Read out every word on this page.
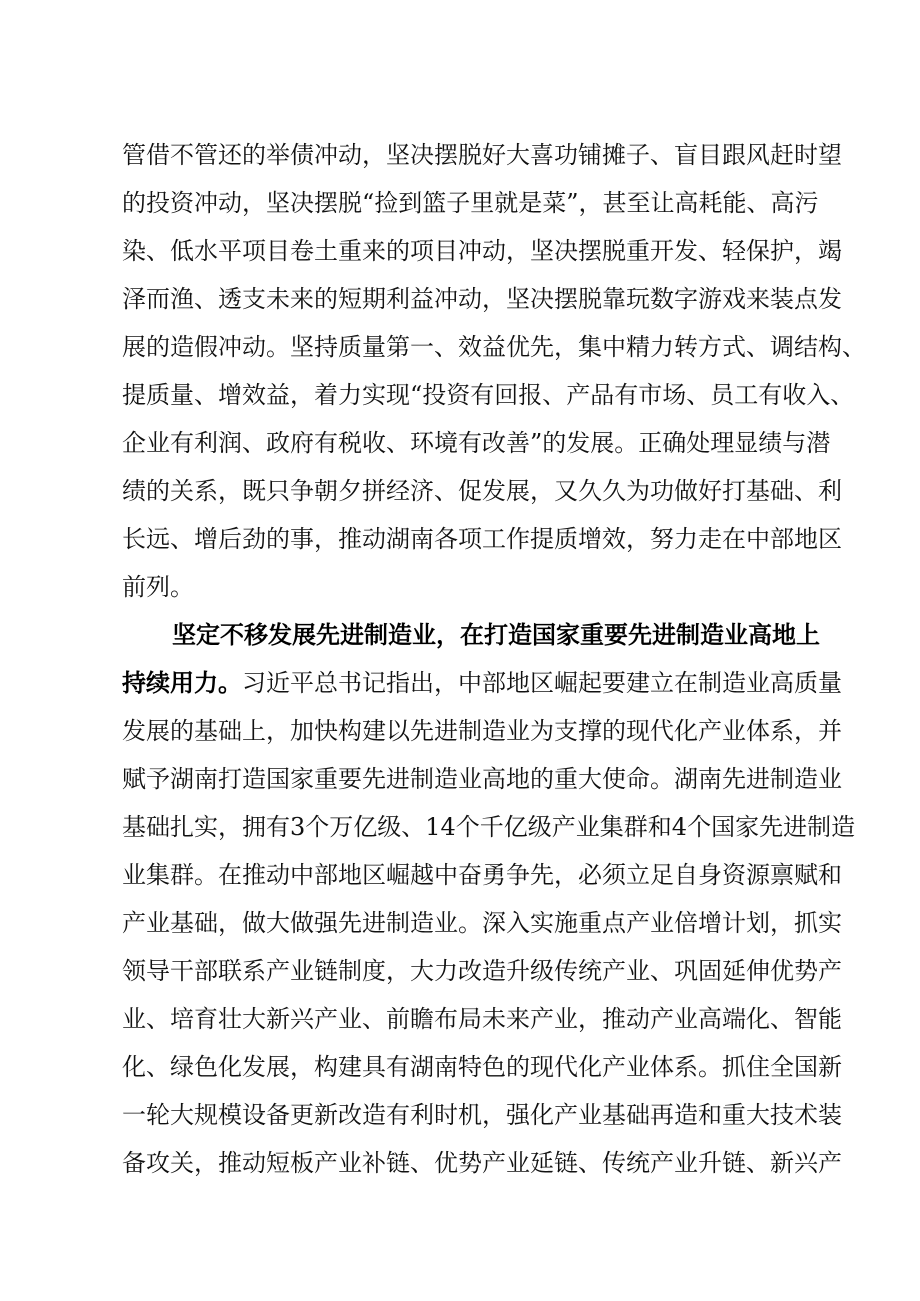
管借不管还的举债冲动，坚决摆脱好大喜功铺摊子、盲目跟风赶时望
的投资冲动，坚决摆脱“捡到篮子里就是菜”，甚至让高耗能、高污
染、低水平项目卷土重来的项目冲动，坚决摆脱重开发、轻保护，竭
泽而渔、透支未来的短期利益冲动，坚决摆脱靠玩数字游戏来装点发
展的造假冲动。坚持质量第一、效益优先，集中精力转方式、调结构、
提质量、增效益，着力实现“投资有回报、产品有市场、员工有收入、
企业有利润、政府有税收、环境有改善”的发展。正确处理显绩与潜
绩的关系，既只争朝夕拼经济、促发展，又久久为功做好打基础、利
长远、增后劲的事，推动湖南各项工作提质增效，努力走在中部地区
前列。
坚定不移发展先进制造业，在打造国家重要先进制造业高地上
持续用力。习近平总书记指出，中部地区崛起要建立在制造业高质量
发展的基础上，加快构建以先进制造业为支撑的现代化产业体系，并
赋予湖南打造国家重要先进制造业高地的重大使命。湖南先进制造业
基础扎实，拥有3个万亿级、14个千亿级产业集群和4个国家先进制造
业集群。在推动中部地区崛越中奋勇争先，必须立足自身资源禀赋和
产业基础，做大做强先进制造业。深入实施重点产业倍增计划，抓实
领导干部联系产业链制度，大力改造升级传统产业、巩固延伸优势产
业、培育壮大新兴产业、前瞻布局未来产业，推动产业高端化、智能
化、绿色化发展，构建具有湖南特色的现代化产业体系。抓住全国新
一轮大规模设备更新改造有利时机，强化产业基础再造和重大技术装
备攻关，推动短板产业补链、优势产业延链、传统产业升链、新兴产
